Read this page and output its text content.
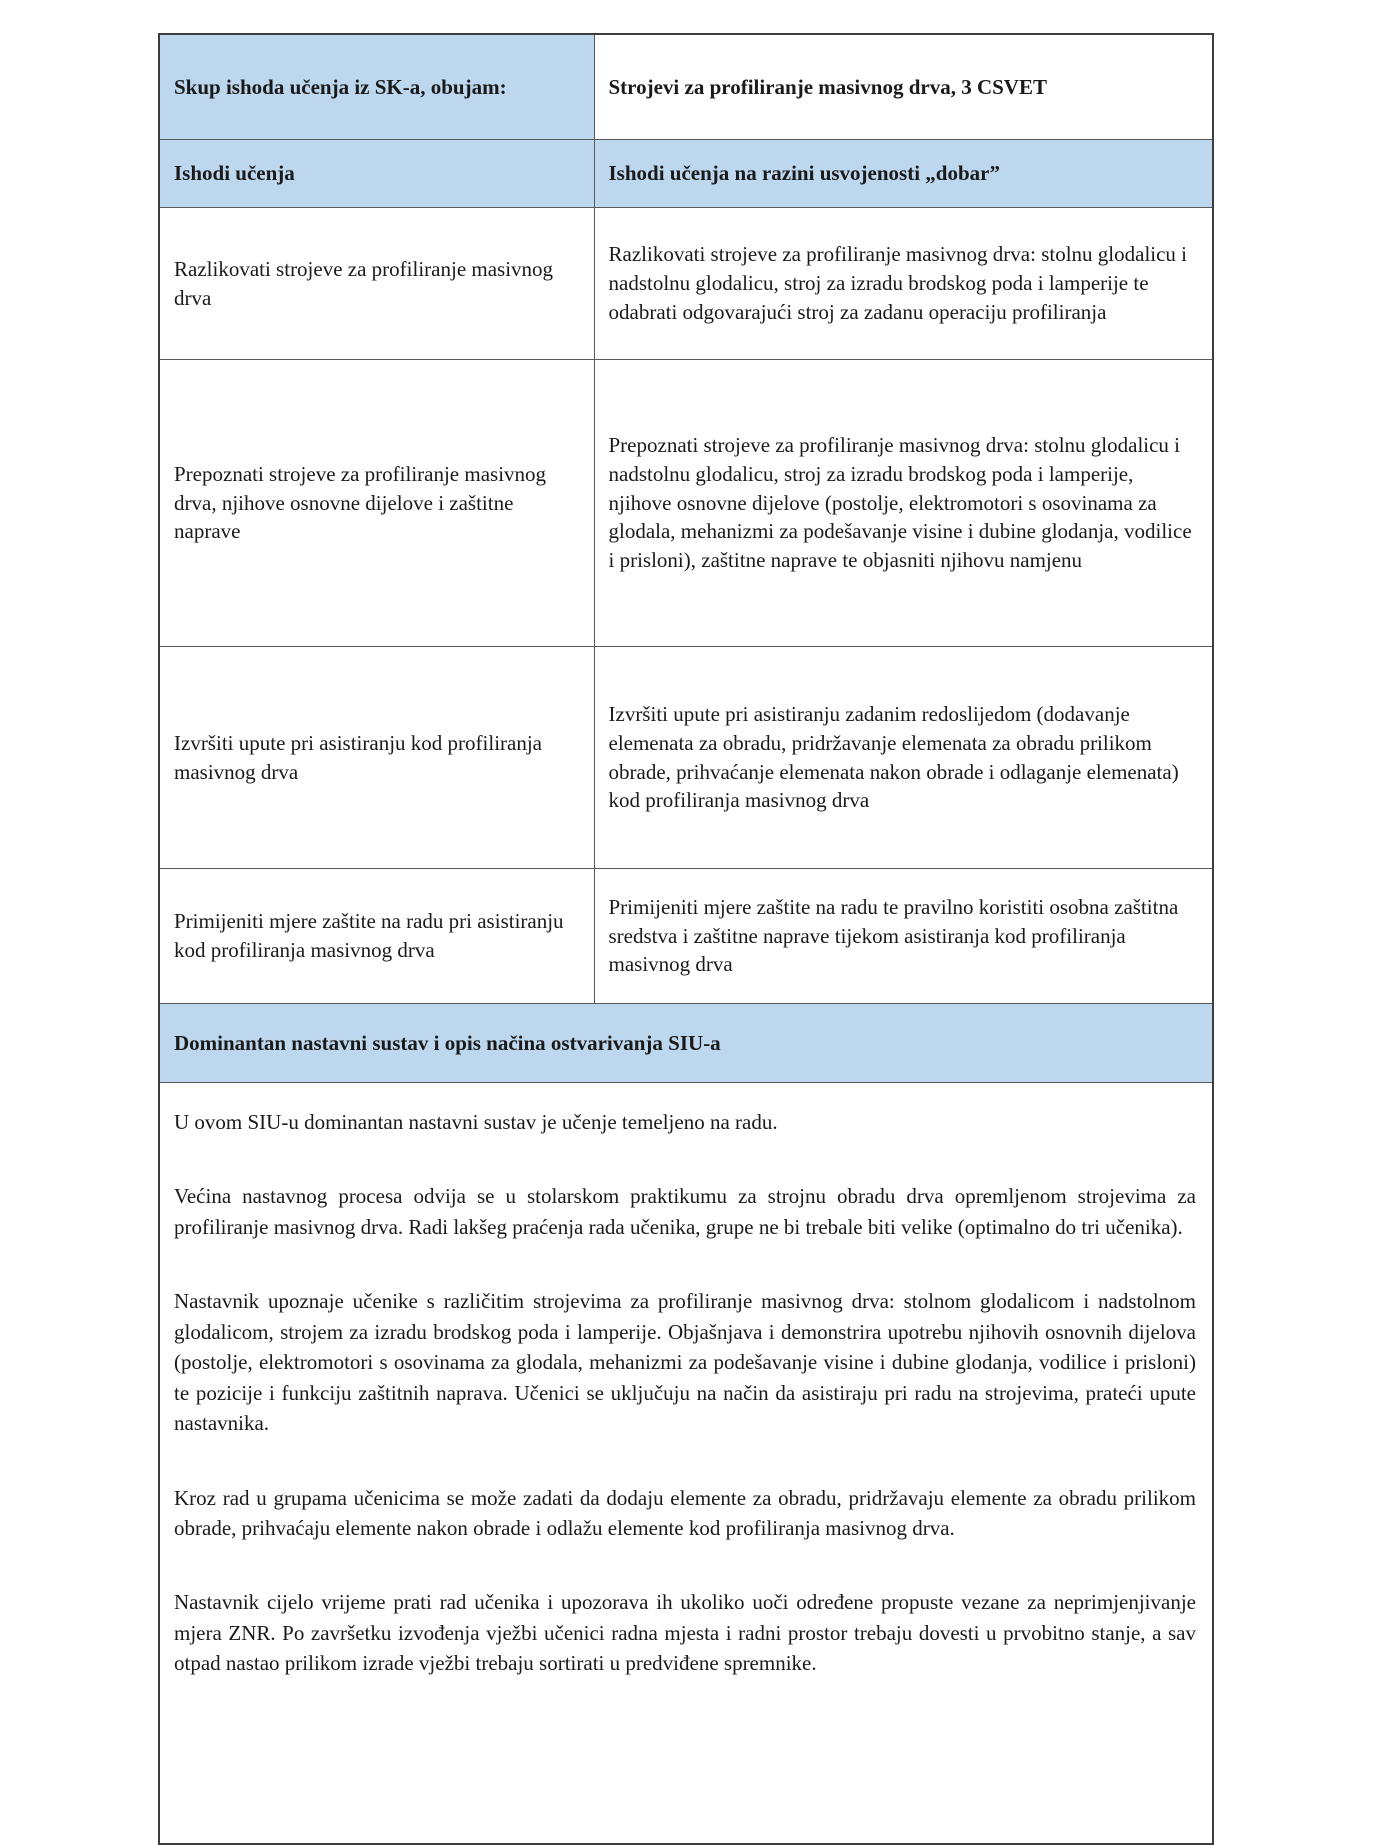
Skup ishoda učenja iz SK-a, obujam:	Strojevi za profiliranje masivnog drva, 3 CSVET
Ishodi učenja	Ishodi učenja na razini usvojenosti „dobar”
Razlikovati strojeve za profiliranje masivnog drva	Razlikovati strojeve za profiliranje masivnog drva: stolnu glodalicu i nadstolnu glodalicu, stroj za izradu brodskog poda i lamperije te odabrati odgovarajući stroj za zadanu operaciju profiliranja
Prepoznati strojeve za profiliranje masivnog drva, njihove osnovne dijelove i zaštitne naprave	Prepoznati strojeve za profiliranje masivnog drva: stolnu glodalicu i nadstolnu glodalicu, stroj za izradu brodskog poda i lamperije, njihove osnovne dijelove (postolje, elektromotori s osovinama za glodala, mehanizmi za podešavanje visine i dubine glodanja, vodilice i prisloni), zaštitne naprave te objasniti njihovu namjenu
Izvršiti upute pri asistiranju kod profiliranja masivnog drva	Izvršiti upute pri asistiranju zadanim redoslijedom (dodavanje elemenata za obradu, pridržavanje elemenata za obradu prilikom obrade, prihvaćanje elemenata nakon obrade i odlaganje elemenata) kod profiliranja masivnog drva
Primijeniti mjere zaštite na radu pri asistiranju kod profiliranja masivnog drva	Primijeniti mjere zaštite na radu te pravilno koristiti osobna zaštitna sredstva i zaštitne naprave tijekom asistiranja kod profiliranja masivnog drva
Dominantan nastavni sustav i opis načina ostvarivanja SIU-a	

U ovom SIU-u dominantan nastavni sustav je učenje temeljeno na radu.

Većina nastavnog procesa odvija se u stolarskom praktikumu za strojnu obradu drva opremljenom strojevima za profiliranje masivnog drva. Radi lakšeg praćenja rada učenika, grupe ne bi trebale biti velike (optimalno do tri učenika).

Nastavnik upoznaje učenike s različitim strojevima za profiliranje masivnog drva: stolnom glodalicom i nadstolnom glodalicom, strojem za izradu brodskog poda i lamperije. Objašnjava i demonstrira upotrebu njihovih osnovnih dijelova (postolje, elektromotori s osovinama za glodala, mehanizmi za podešavanje visine i dubine glodanja, vodilice i prisloni) te pozicije i funkciju zaštitnih naprava. Učenici se uključuju na način da asistiraju pri radu na strojevima, prateći upute nastavnika.

Kroz rad u grupama učenicima se može zadati da dodaju elemente za obradu, pridržavaju elemente za obradu prilikom obrade, prihvaćaju elemente nakon obrade i odlažu elemente kod profiliranja masivnog drva.

Nastavnik cijelo vrijeme prati rad učenika i upozorava ih ukoliko uoči određene propuste vezane za neprimjenjivanje mjera ZNR. Po završetku izvođenja vježbi učenici radna mjesta i radni prostor trebaju dovesti u prvobitno stanje, a sav otpad nastao prilikom izrade vježbi trebaju sortirati u predviđene spremnike.	
